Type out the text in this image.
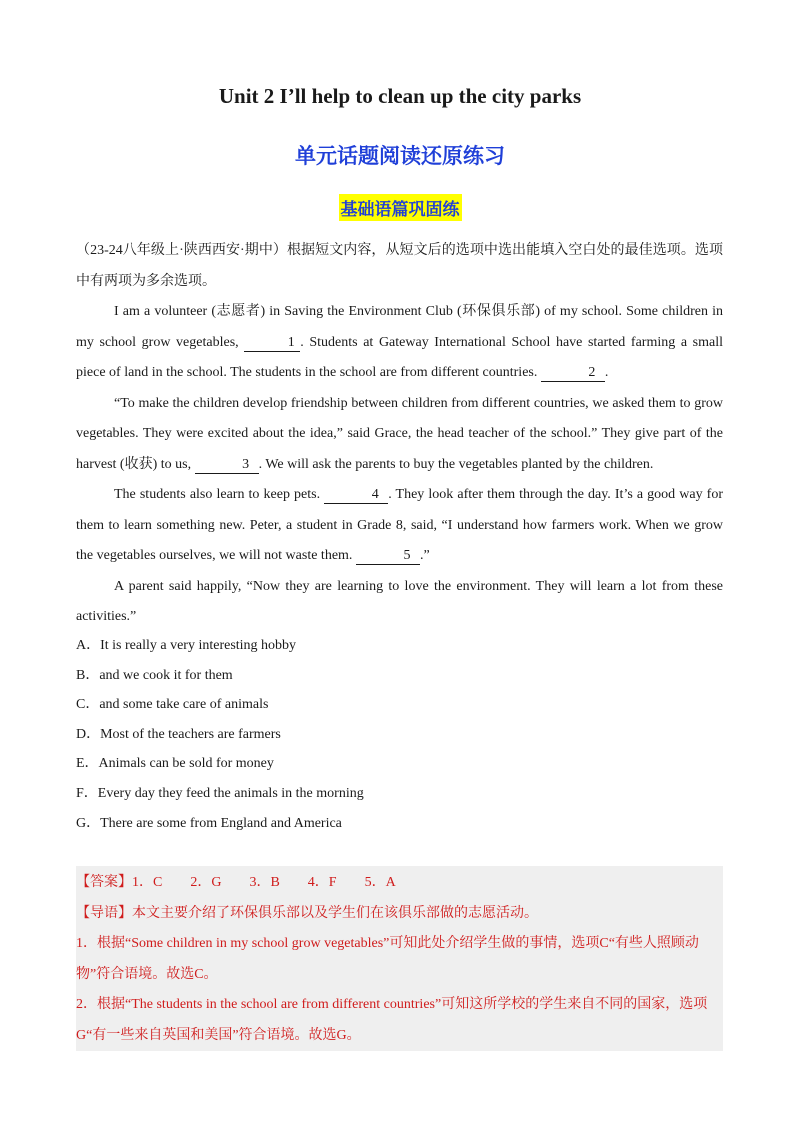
Unit 2 I’ll help to clean up the city parks
单元话题阅读还原练习
基础语篇巩固练

（23-24八年级上·陕西西安·期中）根据短文内容，从短文后的选项中选出能填入空白处的最佳选项。选项中有两项为多余选项。

I am a volunteer (志愿者) in Saving the Environment Club (环保俱乐部) of my school. Some children in my school grow vegetables,	1 . Students at Gateway International School have started farming a small piece of land in the school. The students in the school are from different countries.	2 .

“To make the children develop friendship between children from different countries, we asked them to grow vegetables. They were excited about the idea,” said Grace, the head teacher of the school.” They give part of the harvest (收获) to us,	3 . We will ask the parents to buy the vegetables planted by the children.

The students also learn to keep pets.	4 . They look after them through the day. It’s a good way for them to learn something new. Peter, a student in Grade 8, said, “I understand how farmers work. When we grow the vegetables ourselves, we will not waste them.	5 .”

A parent said happily, “Now they are learning to love the environment. They will learn a lot from these activities.”

A．It is really a very interesting hobby
B．and we cook it for them
C．and some take care of animals
D．Most of the teachers are farmers
E．Animals can be sold for money
F．Every day they feed the animals in the morning
G．There are some from England and America

【答案】1．C　　2．G　　3．B　　4．F　　5．A

【导语】本文主要介绍了环保俱乐部以及学生们在该俱乐部做的志愿活动。

1．根据“Some children in my school grow vegetables”可知此处介绍学生做的事情，选项C“有些人照顾动物”符合语境。故选C。

2．根据“The students in the school are from different countries”可知这所学校的学生来自不同的国家，选项G“有一些来自英国和美国”符合语境。故选G。
